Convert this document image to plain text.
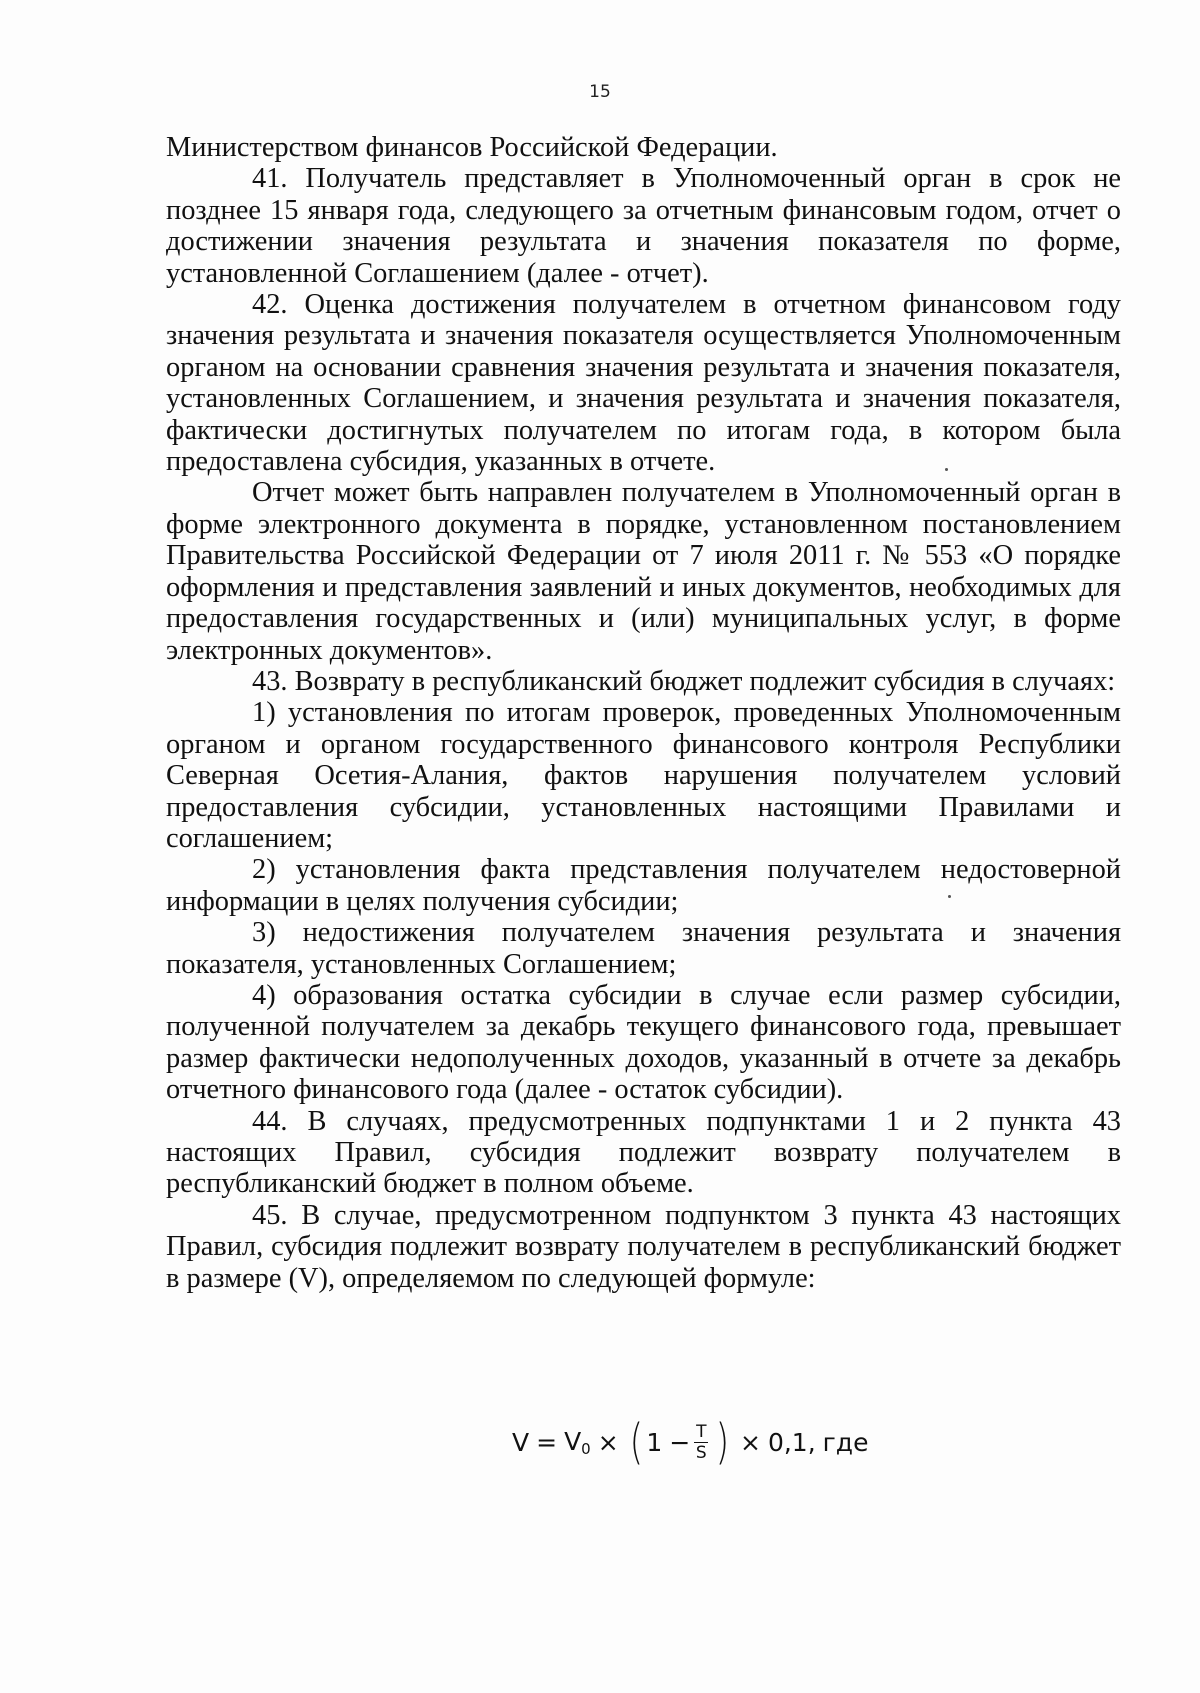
15

Министерством финансов Российской Федерации.

41. Получатель представляет в Уполномоченный орган в срок не позднее 15 января года, следующего за отчетным финансовым годом, отчет о достижении значения результата и значения показателя по форме, установленной Соглашением (далее - отчет).

42. Оценка достижения получателем в отчетном финансовом году значения результата и значения показателя осуществляется Уполномоченным органом на основании сравнения значения результата и значения показателя, установленных Соглашением, и значения результата и значения показателя, фактически достигнутых получателем по итогам года, в котором была предоставлена субсидия, указанных в отчете.

Отчет может быть направлен получателем в Уполномоченный орган в форме электронного документа в порядке, установленном постановлением Правительства Российской Федерации от 7 июля 2011 г. № 553 «О порядке оформления и представления заявлений и иных документов, необходимых для предоставления государственных и (или) муниципальных услуг, в форме электронных документов».

43. Возврату в республиканский бюджет подлежит субсидия в случаях:

1) установления по итогам проверок, проведенных Уполномоченным органом и органом государственного финансового контроля Республики Северная Осетия-Алания, фактов нарушения получателем условий предоставления субсидии, установленных настоящими Правилами и соглашением;

2) установления факта представления получателем недостоверной информации в целях получения субсидии;

3) недостижения получателем значения результата и значения показателя, установленных Соглашением;

4) образования остатка субсидии в случае если размер субсидии, полученной получателем за декабрь текущего финансового года, превышает размер фактически недополученных доходов, указанный в отчете за декабрь отчетного финансового года (далее - остаток субсидии).

44. В случаях, предусмотренных подпунктами 1 и 2 пункта 43 настоящих Правил, субсидия подлежит возврату получателем в республиканский бюджет в полном объеме.

45. В случае, предусмотренном подпунктом 3 пункта 43 настоящих Правил, субсидия подлежит возврату получателем в республиканский бюджет в размере (V), определяемом по следующей формуле:

$V = V_0$ × ( $1 - \frac{T}{S}$ ) × 0,1, где
